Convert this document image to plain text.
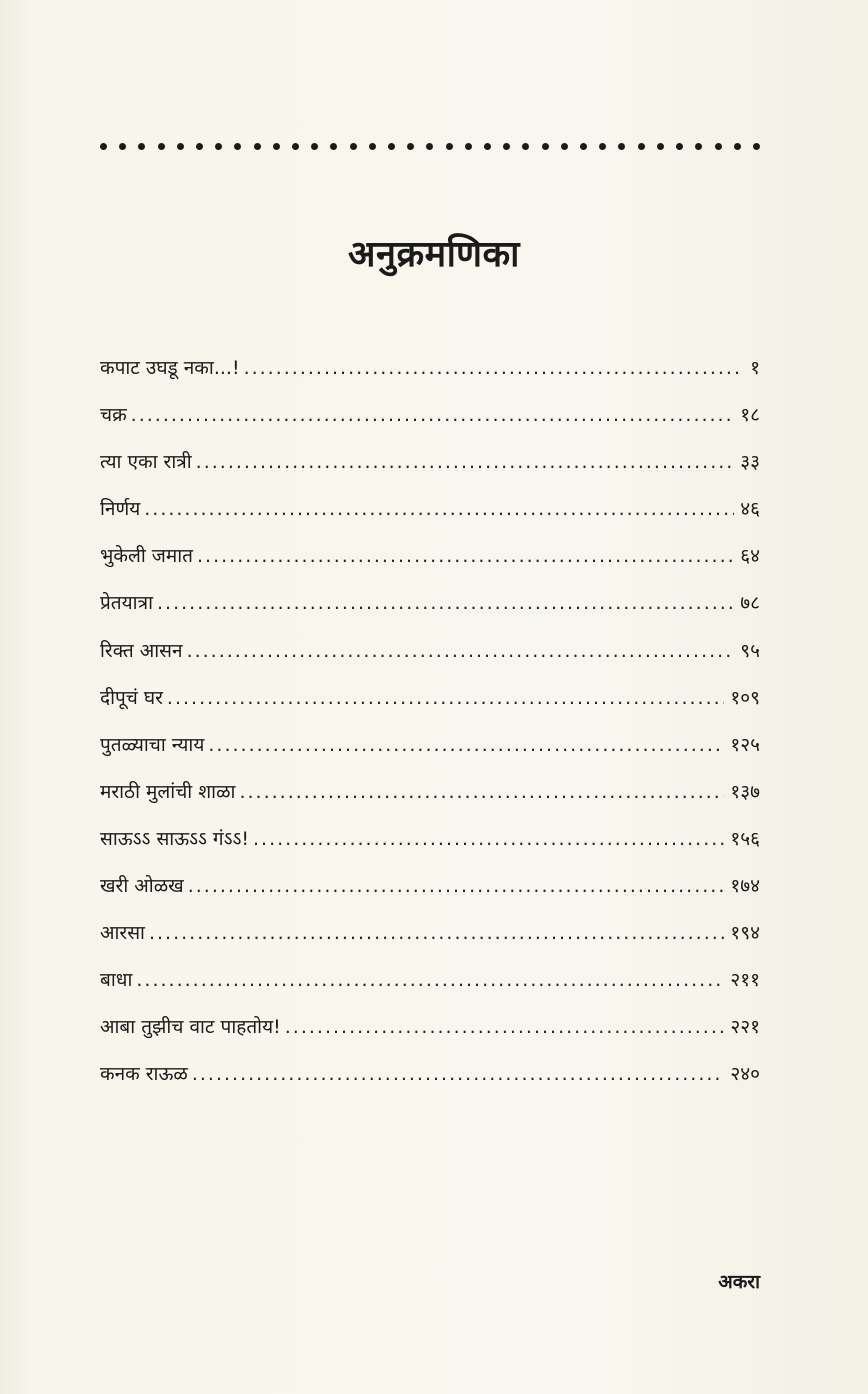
अनुक्रमणिका
कपाट उघडू नका...! .....	१
चक्र .....	१८
त्या एका रात्री .....	३३
निर्णय .....	४६
भुकेली जमात .....	६४
प्रेतयात्रा .....	७८
रिक्त आसन .....	९५
दीपूचं घर .....	१०९
पुतळ्याचा न्याय .....	१२५
मराठी मुलांची शाळा .....	१३७
साऊऽऽ साऊऽऽ गंऽऽ! .....	१५६
खरी ओळख .....	१७४
आरसा .....	१९४
बाधा .....	२११
आबा तुझीच वाट पाहतोय! .....	२२१
कनक राऊळ .....	२४०
अकरा
